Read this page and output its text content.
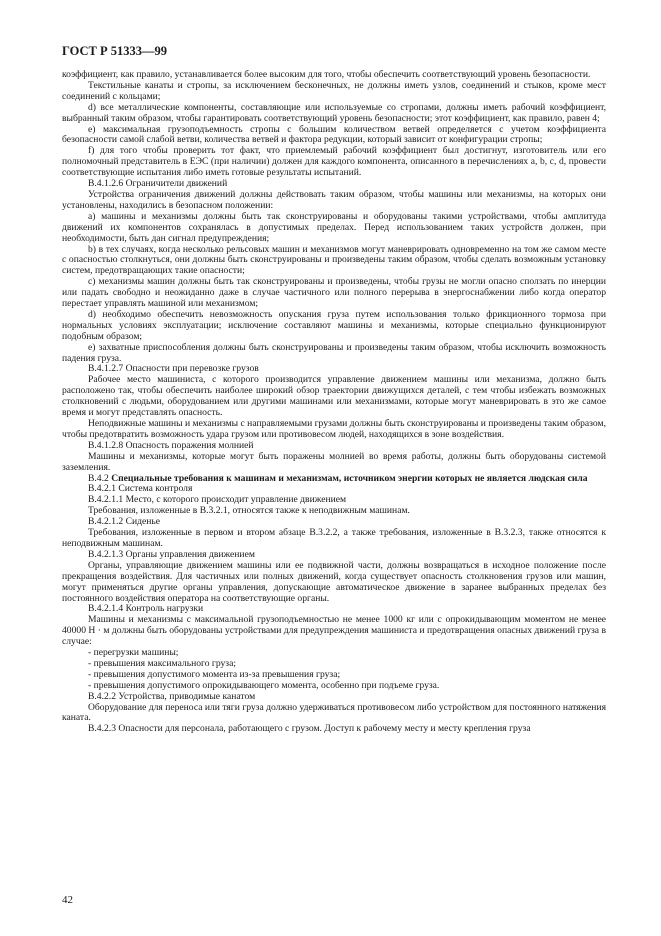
ГОСТ Р 51333—99
коэффициент, как правило, устанавливается более высоким для того, чтобы обеспечить соответствующий уровень безопасности.
Текстильные канаты и стропы, за исключением бесконечных, не должны иметь узлов, соединений и стыков, кроме мест соединений с кольцами;
d) все металлические компоненты, составляющие или используемые со стропами, должны иметь рабочий коэффициент, выбранный таким образом, чтобы гарантировать соответствующий уровень безопасности; этот коэффициент, как правило, равен 4;
е) максимальная грузоподъемность стропы с большим количеством ветвей определяется с учетом коэффициента безопасности самой слабой ветви, количества ветвей и фактора редукции, который зависит от конфигурации стропы;
f) для того чтобы проверить тот факт, что приемлемый рабочий коэффициент был достигнут, изготовитель или его полномочный представитель в ЕЭС (при наличии) должен для каждого компонента, описанного в перечислениях а, b, с, d, провести соответствующие испытания либо иметь готовые результаты испытаний.
В.4.1.2.6 Ограничители движений
Устройства ограничения движений должны действовать таким образом, чтобы машины или механизмы, на которых они установлены, находились в безопасном положении:
а) машины и механизмы должны быть так сконструированы и оборудованы такими устройствами, чтобы амплитуда движений их компонентов сохранялась в допустимых пределах. Перед использованием таких устройств должен, при необходимости, быть дан сигнал предупреждения;
b) в тех случаях, когда несколько рельсовых машин и механизмов могут маневрировать одновременно на том же самом месте с опасностью столкнуться, они должны быть сконструированы и произведены таким образом, чтобы сделать возможным установку систем, предотвращающих такие опасности;
с) механизмы машин должны быть так сконструированы и произведены, чтобы грузы не могли опасно сползать по инерции или падать свободно и неожиданно даже в случае частичного или полного перерыва в энергоснабжении либо когда оператор перестает управлять машиной или механизмом;
d) необходимо обеспечить невозможность опускания груза путем использования только фрикционного тормоза при нормальных условиях эксплуатации; исключение составляют машины и механизмы, которые специально функционируют подобным образом;
е) захватные приспособления должны быть сконструированы и произведены таким образом, чтобы исключить возможность падения груза.
В.4.1.2.7 Опасности при перевозке грузов
Рабочее место машиниста, с которого производится управление движением машины или механизма, должно быть расположено так, чтобы обеспечить наиболее широкий обзор траектории движущихся деталей, с тем чтобы избежать возможных столкновений с людьми, оборудованием или другими машинами или механизмами, которые могут маневрировать в это же самое время и могут представлять опасность.
Неподвижные машины и механизмы с направляемыми грузами должны быть сконструированы и произведены таким образом, чтобы предотвратить возможность удара грузом или противовесом людей, находящихся в зоне воздействия.
В.4.1.2.8 Опасность поражения молнией
Машины и механизмы, которые могут быть поражены молнией во время работы, должны быть оборудованы системой заземления.
В.4.2 Специальные требования к машинам и механизмам, источником энергии которых не является людская сила
В.4.2.1 Система контроля
В.4.2.1.1 Место, с которого происходит управление движением
Требования, изложенные в В.3.2.1, относятся также к неподвижным машинам.
В.4.2.1.2 Сиденье
Требования, изложенные в первом и втором абзаце В.3.2.2, а также требования, изложенные в В.3.2.3, также относятся к неподвижным машинам.
В.4.2.1.3 Органы управления движением
Органы, управляющие движением машины или ее подвижной части, должны возвращаться в исходное положение после прекращения воздействия. Для частичных или полных движений, когда существует опасность столкновения грузов или машин, могут применяться другие органы управления, допускающие автоматическое движение в заранее выбранных пределах без постоянного воздействия оператора на соответствующие органы.
В.4.2.1.4 Контроль нагрузки
Машины и механизмы с максимальной грузоподъемностью не менее 1000 кг или с опрокидывающим моментом не менее 40000 Н · м должны быть оборудованы устройствами для предупреждения машиниста и предотвращения опасных движений груза в случае:
- перегрузки машины;
- превышения максимального груза;
- превышения допустимого момента из-за превышения груза;
- превышения допустимого опрокидывающего момента, особенно при подъеме груза.
В.4.2.2 Устройства, приводимые канатом
Оборудование для переноса или тяги груза должно удерживаться противовесом либо устройством для постоянного натяжения каната.
В.4.2.3 Опасности для персонала, работающего с грузом. Доступ к рабочему месту и месту крепления груза
42
